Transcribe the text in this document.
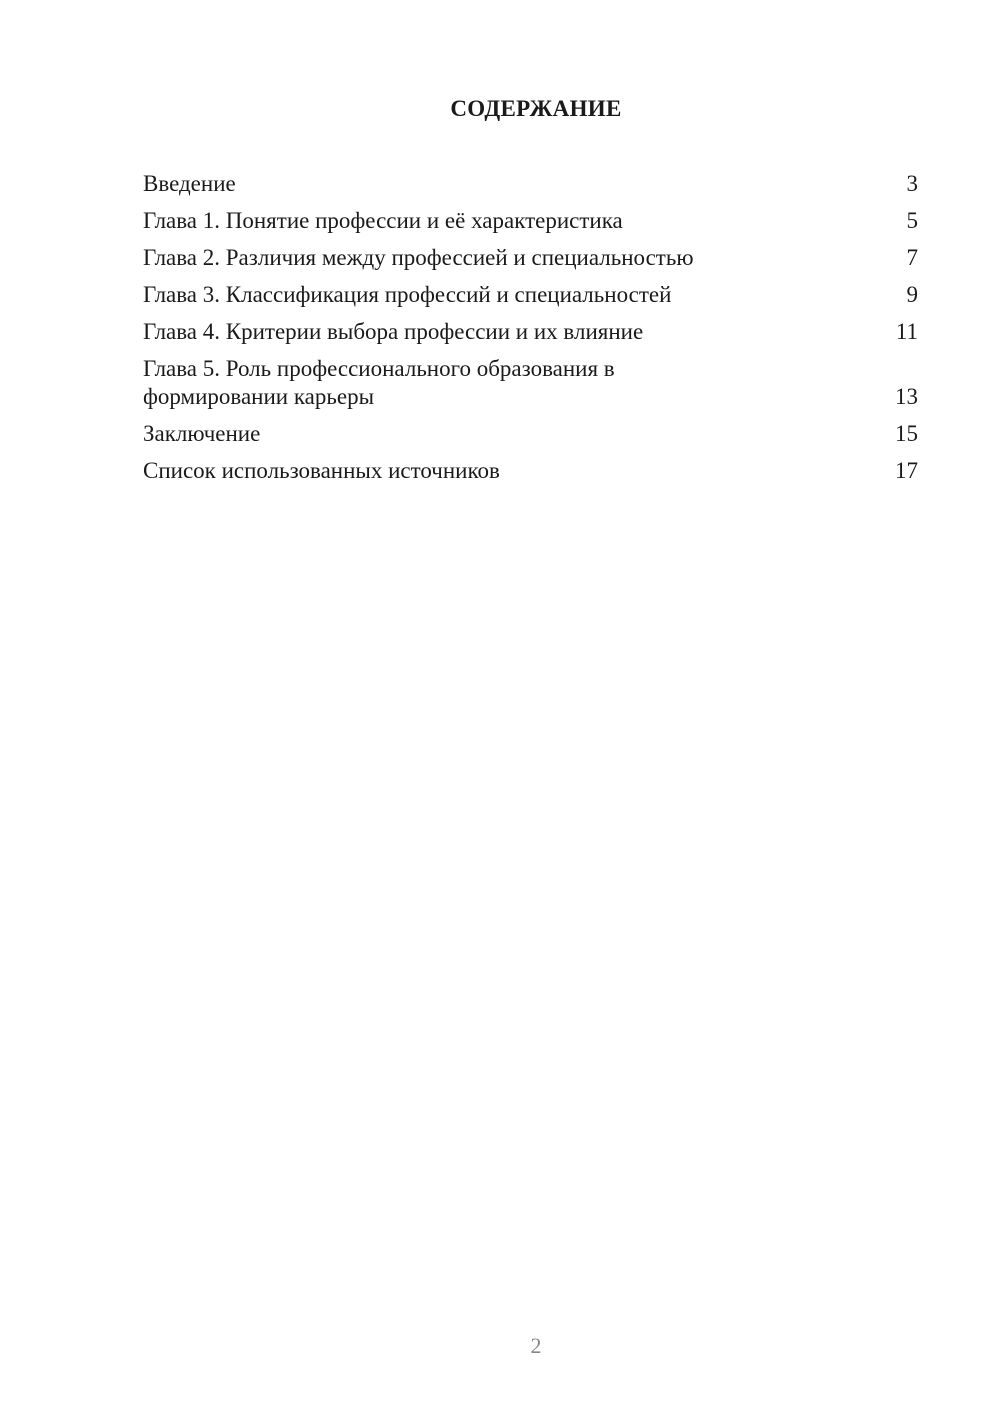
СОДЕРЖАНИЕ
Введение	3
Глава 1. Понятие профессии и её характеристика	5
Глава 2. Различия между профессией и специальностью	7
Глава 3. Классификация профессий и специальностей	9
Глава 4. Критерии выбора профессии и их влияние	11
Глава 5. Роль профессионального образования в формировании карьеры	13
Заключение	15
Список использованных источников	17
2
